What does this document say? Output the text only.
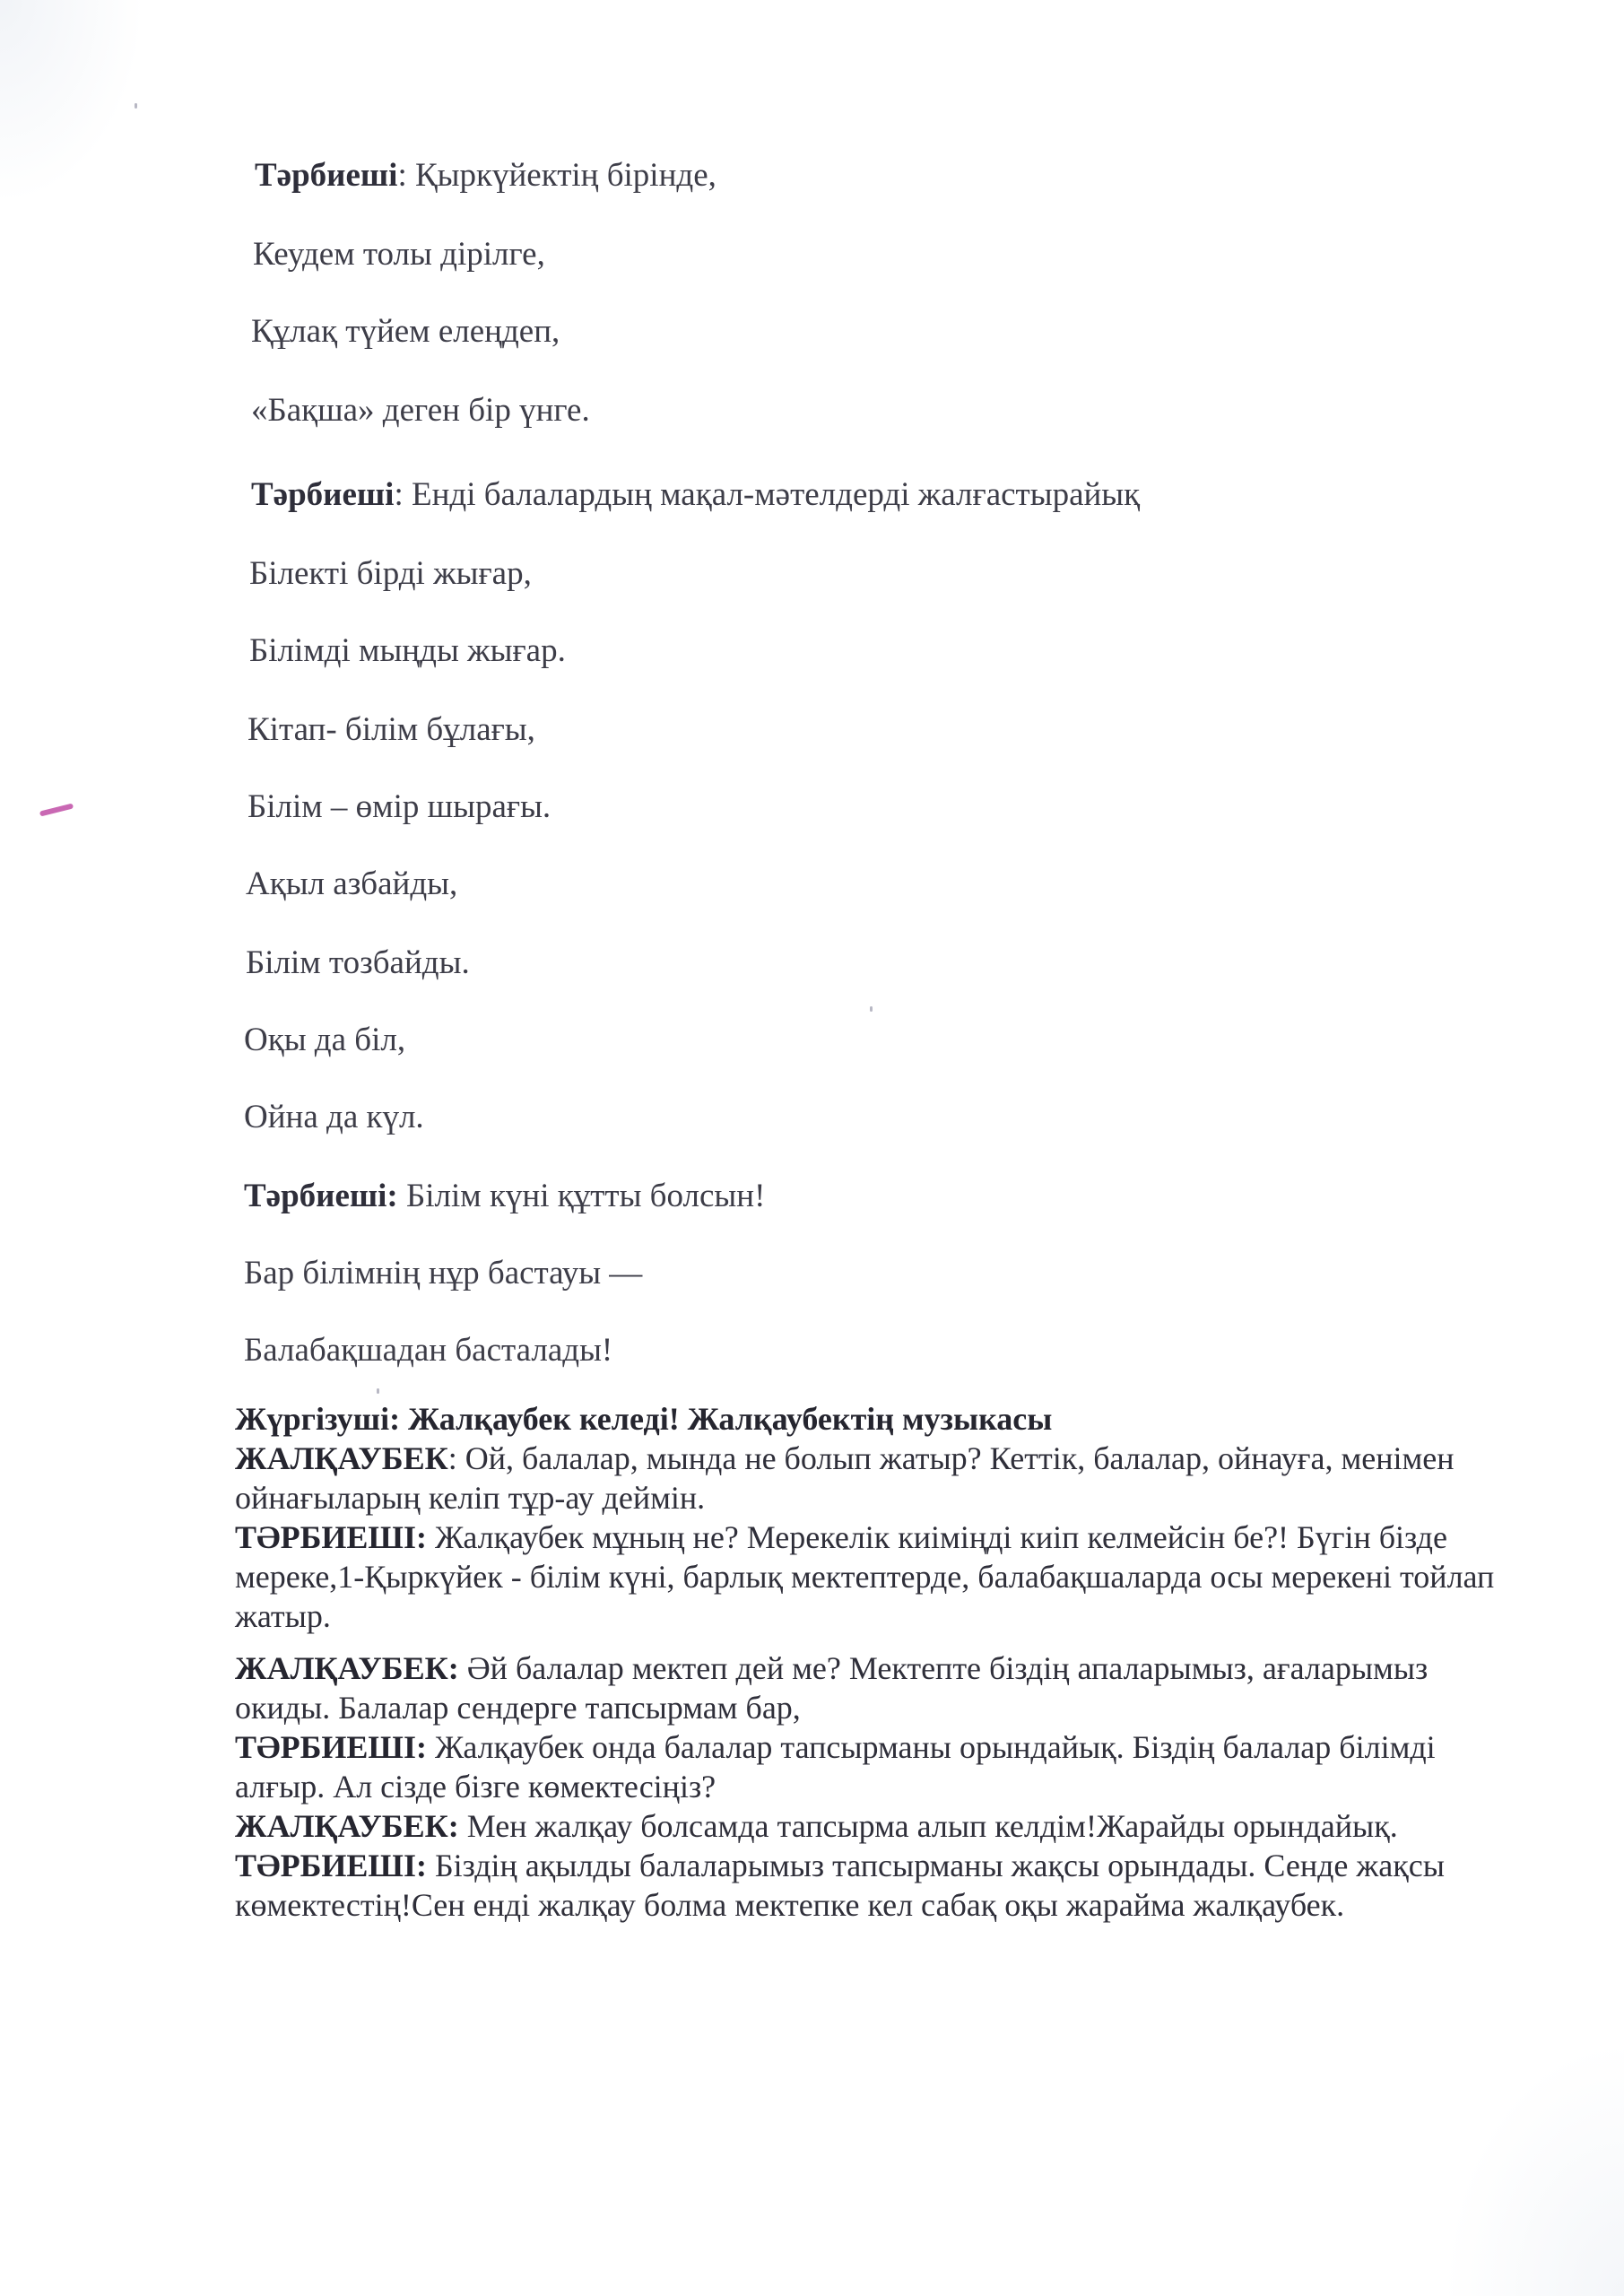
Тәрбиеші: Қыркүйектің бірінде,
Кеудем толы дірілге,
Құлақ түйем елеңдеп,
«Бақша» деген бір үнге.
Тәрбиеші: Енді балалардың мақал-мәтелдерді жалғастырайық
Білекті бірді жығар,
Білімді мыңды жығар.
Кітап- білім бұлағы,
Білім – өмір шырағы.
Ақыл азбайды,
Білім тозбайды.
Оқы да біл,
Ойна да күл.
Тәрбиеші: Білім күні құтты болсын!
Бар білімнің нұр бастауы —
Балабақшадан басталады!

Жүргізуші: Жалқаубек келеді! Жалқаубектің музыкасы

ЖАЛҚАУБЕК: Ой, балалар, мында не болып жатыр? Кеттік, балалар, ойнауға, менімен ойнағыларың келіп тұр-ау деймін.

ТӘРБИЕШІ: Жалқаубек мұның не? Мерекелік киіміңді киіп келмейсін бе?! Бүгін бізде мереке,1-Қыркүйек - білім күні, барлық мектептерде, балабақшаларда осы мерекені тойлап жатыр.

ЖАЛҚАУБЕК: Әй балалар мектеп дей ме? Мектепте біздің апаларымыз, ағаларымыз окиды. Балалар сендерге тапсырмам бар,

ТӘРБИЕШІ: Жалқаубек онда балалар тапсырманы орындайық. Біздің балалар білімді алғыр. Ал сізде бізге көмектесіңіз?

ЖАЛҚАУБЕК: Мен жалқау болсамда тапсырма алып келдім!Жарайды орындайық.

ТӘРБИЕШІ: Біздің ақылды балаларымыз тапсырманы жақсы орындады. Сенде жақсы көмектестің!Сен енді жалқау болма мектепке кел сабақ оқы жарайма жалқаубек.
